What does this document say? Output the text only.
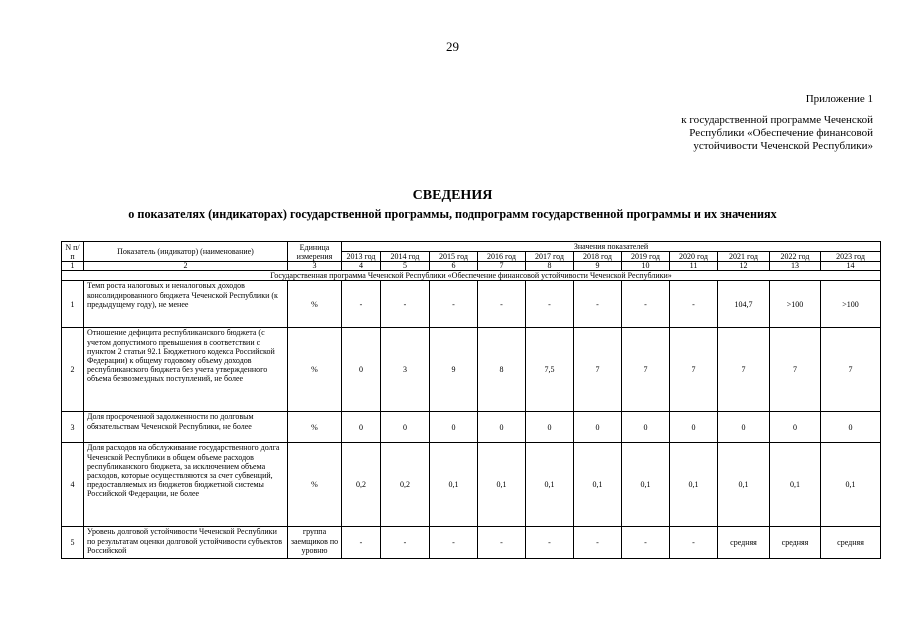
29
Приложение 1
к государственной программе Чеченской
Республики «Обеспечение финансовой
устойчивости Чеченской Республики»
СВЕДЕНИЯ
о показателях (индикаторах) государственной программы, подпрограмм государственной программы и их значениях
N п/п	Показатель (индикатор) (наименование)	Единица измерения	Значения показателей										
			2013 год	2014 год	2015 год	2016 год	2017 год	2018 год	2019 год	2020 год	2021 год	2022 год	2023 год
1	2	3	4	5	6	7	8	9	10	11	12	13	14
Государственная программа Чеченской Республики «Обеспечение финансовой устойчивости Чеченской Республики»													
1	Темп роста налоговых и неналоговых доходов консолидированного бюджета Чеченской Республики (к предыдущему году), не менее	%	-	-	-	-	-	-	-	-	104,7	>100	>100
2	Отношение дефицита республиканского бюджета (с учетом допустимого превышения в соответствии с пунктом 2 статьи 92.1 Бюджетного кодекса Российской Федерации) к общему годовому объему доходов республиканского бюджета без учета утвержденного объема безвозмездных поступлений, не более	%	0	3	9	8	7,5	7	7	7	7	7	7
3	Доля просроченной задолженности по долговым обязательствам Чеченской Республики, не более	%	0	0	0	0	0	0	0	0	0	0	0
4	Доля расходов на обслуживание государственного долга Чеченской Республики в общем объеме расходов республиканского бюджета, за исключением объема расходов, которые осуществляются за счет субвенций, предоставляемых из бюджетов бюджетной системы Российской Федерации, не более	%	0,2	0,2	0,1	0,1	0,1	0,1	0,1	0,1	0,1	0,1	0,1
5	Уровень долговой устойчивости Чеченской Республики по результатам оценки долговой устойчивости субъектов Российской	группа заемщиков по уровню	-	-	-	-	-	-	-	-	средняя	средняя	средняя
